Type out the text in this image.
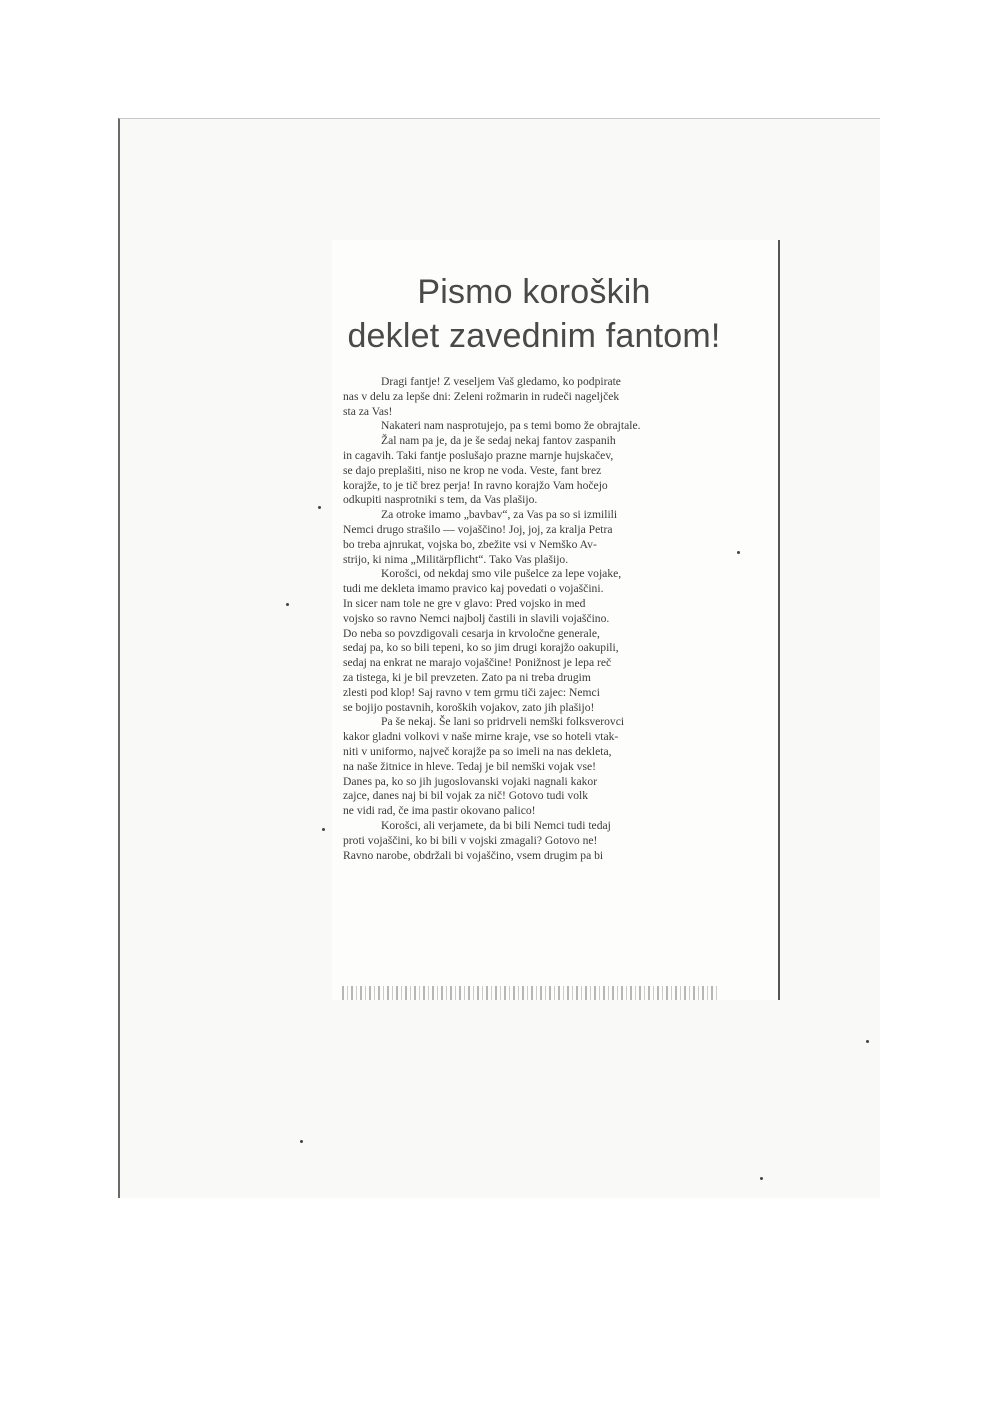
Pismo koroških
deklet zavednim fantom!
Dragi fantje! Z veseljem Vaš gledamo, ko podpirate
nas v delu za lepše dni: Zeleni rožmarin in rudeči nageljček
sta za Vas!
Nakateri nam nasprotujejo, pa s temi bomo že obrajtale.
Žal nam pa je, da je še sedaj nekaj fantov zaspanih
in cagavih. Taki fantje poslušajo prazne marnje hujskačev,
se dajo preplašiti, niso ne krop ne voda. Veste, fant brez
korajže, to je tič brez perja! In ravno korajžo Vam hočejo
odkupiti nasprotniki s tem, da Vas plašijo.
Za otroke imamo „bavbav“, za Vas pa so si izmilili
Nemci drugo strašilo — vojaščino! Joj, joj, za kralja Petra
bo treba ajnrukat, vojska bo, zbežite vsi v Nemško Av-
strijo, ki nima „Militärpflicht“. Tako Vas plašijo.
Korošci, od nekdaj smo vile pušelce za lepe vojake,
tudi me dekleta imamo pravico kaj povedati o vojaščini.
In sicer nam tole ne gre v glavo: Pred vojsko in med
vojsko so ravno Nemci najbolj častili in slavili vojaščino.
Do neba so povzdigovali cesarja in krvoločne generale,
sedaj pa, ko so bili tepeni, ko so jim drugi korajžo oakupili,
sedaj na enkrat ne marajo vojaščine! Ponižnost je lepa reč
za tistega, ki je bil prevzeten. Zato pa ni treba drugim
zlesti pod klop! Saj ravno v tem grmu tiči zajec: Nemci
se bojijo postavnih, koroških vojakov, zato jih plašijo!
Pa še nekaj. Še lani so pridrveli nemški folksverovci
kakor gladni volkovi v naše mirne kraje, vse so hoteli vtak-
niti v uniformo, največ korajže pa so imeli na nas dekleta,
na naše žitnice in hleve. Tedaj je bil nemški vojak vse!
Danes pa, ko so jih jugoslovanski vojaki nagnali kakor
zajce, danes naj bi bil vojak za nič! Gotovo tudi volk
ne vidi rad, če ima pastir okovano palico!
Korošci, ali verjamete, da bi bili Nemci tudi tedaj
proti vojaščini, ko bi bili v vojski zmagali? Gotovo ne!
Ravno narobe, obdržali bi vojaščino, vsem drugim pa bi
